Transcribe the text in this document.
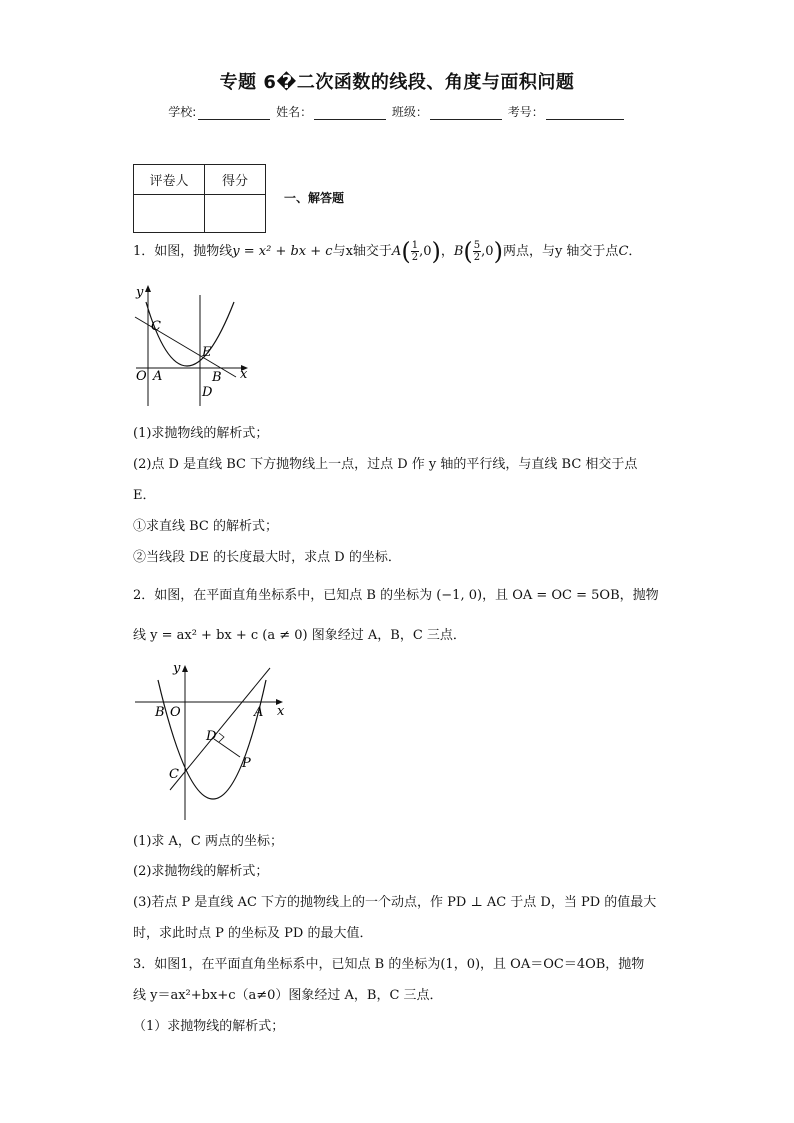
专题 6�二次函数的线段、角度与面积问题
学校:	姓名：	班级：	考号：
评卷人	得分

一、解答题
1．如图，抛物线y = x² + bx + c与x轴交于$A( \frac{1}{2} ,0)$，$B( \frac{5}{2} ,0)$两点，与y 轴交于点C．
y
x
C
E
O A	B
D
(1)求抛物线的解析式；
(2)点 D 是直线 BC 下方抛物线上一点，过点 D 作 y 轴的平行线，与直线 BC 相交于点
E．
①求直线 BC 的解析式；
②当线段 DE 的长度最大时，求点 D 的坐标．
2．如图，在平面直角坐标系中，已知点 B 的坐标为 (−1, 0)，且 OA = OC = 5OB，抛物
线 y = ax² + bx + c (a ≠ 0) 图象经过 A，B，C 三点．
y
x
B O	A
D
C
P
(1)求 A，C 两点的坐标；
(2)求抛物线的解析式；
(3)若点 P 是直线 AC 下方的抛物线上的一个动点，作 PD ⊥ AC 于点 D，当 PD 的值最大
时，求此时点 P 的坐标及 PD 的最大值．
3．如图1，在平面直角坐标系中，已知点 B 的坐标为(1，0)，且 OA＝OC＝4OB，抛物
线 y＝ax²+bx+c（a≠0）图象经过 A，B，C 三点．
（1）求抛物线的解析式；
